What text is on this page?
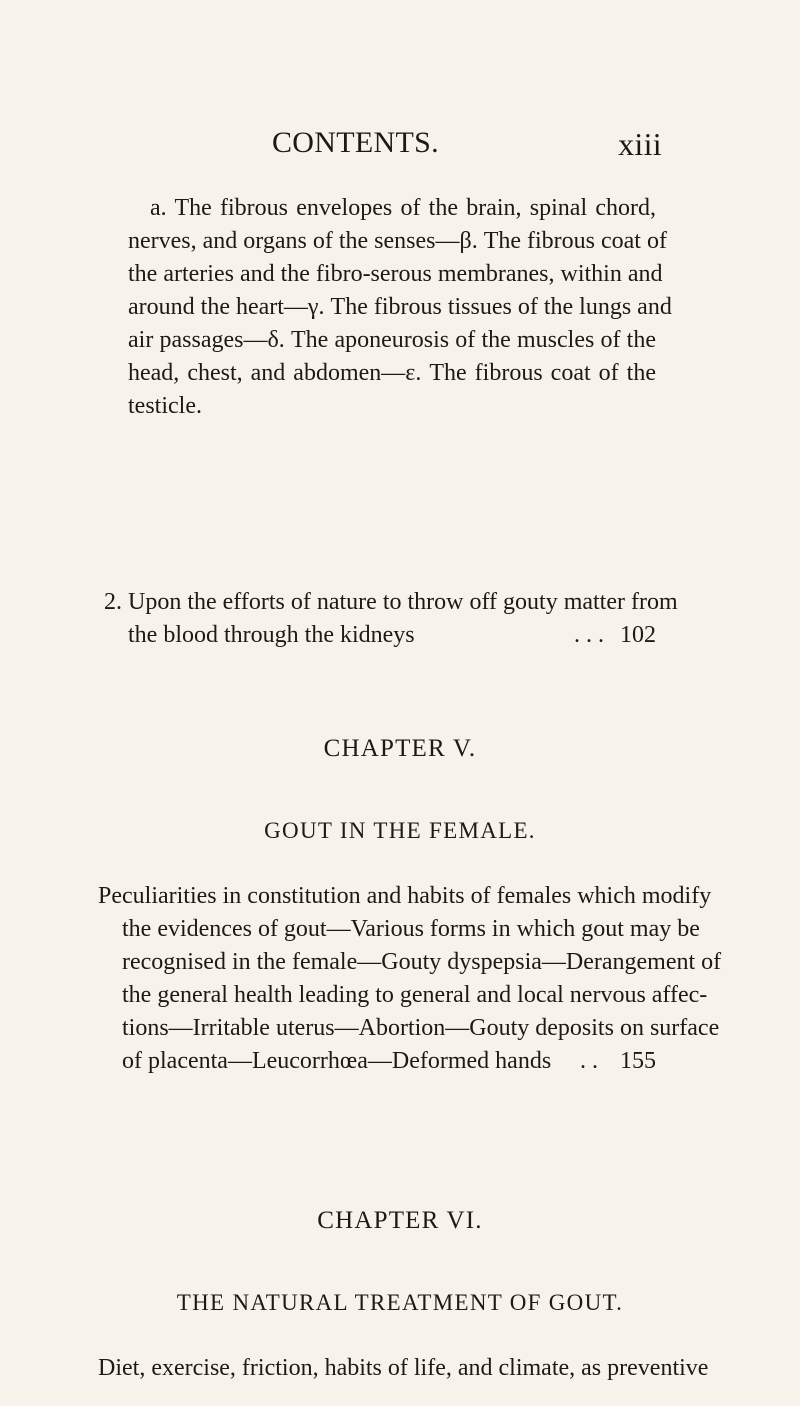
CONTENTS.	xiii
a. The fibrous envelopes of the brain, spinal chord,
nerves, and organs of the senses—β. The fibrous coat of
the arteries and the fibro-serous membranes, within and
around the heart—γ. The fibrous tissues of the lungs and
air passages—δ. The aponeurosis of the muscles of the
head, chest, and abdomen—ε. The fibrous coat of the
testicle.
2. Upon the efforts of nature to throw off gouty matter from
the blood through the kidneys	. . . 102
CHAPTER V.
GOUT IN THE FEMALE.
Peculiarities in constitution and habits of females which modify
the evidences of gout—Various forms in which gout may be
recognised in the female—Gouty dyspepsia—Derangement of
the general health leading to general and local nervous affec-
tions—Irritable uterus—Abortion—Gouty deposits on surface
of placenta—Leucorrhœa—Deformed hands . . 155
CHAPTER VI.
THE NATURAL TREATMENT OF GOUT.
Diet, exercise, friction, habits of life, and climate, as preventive
